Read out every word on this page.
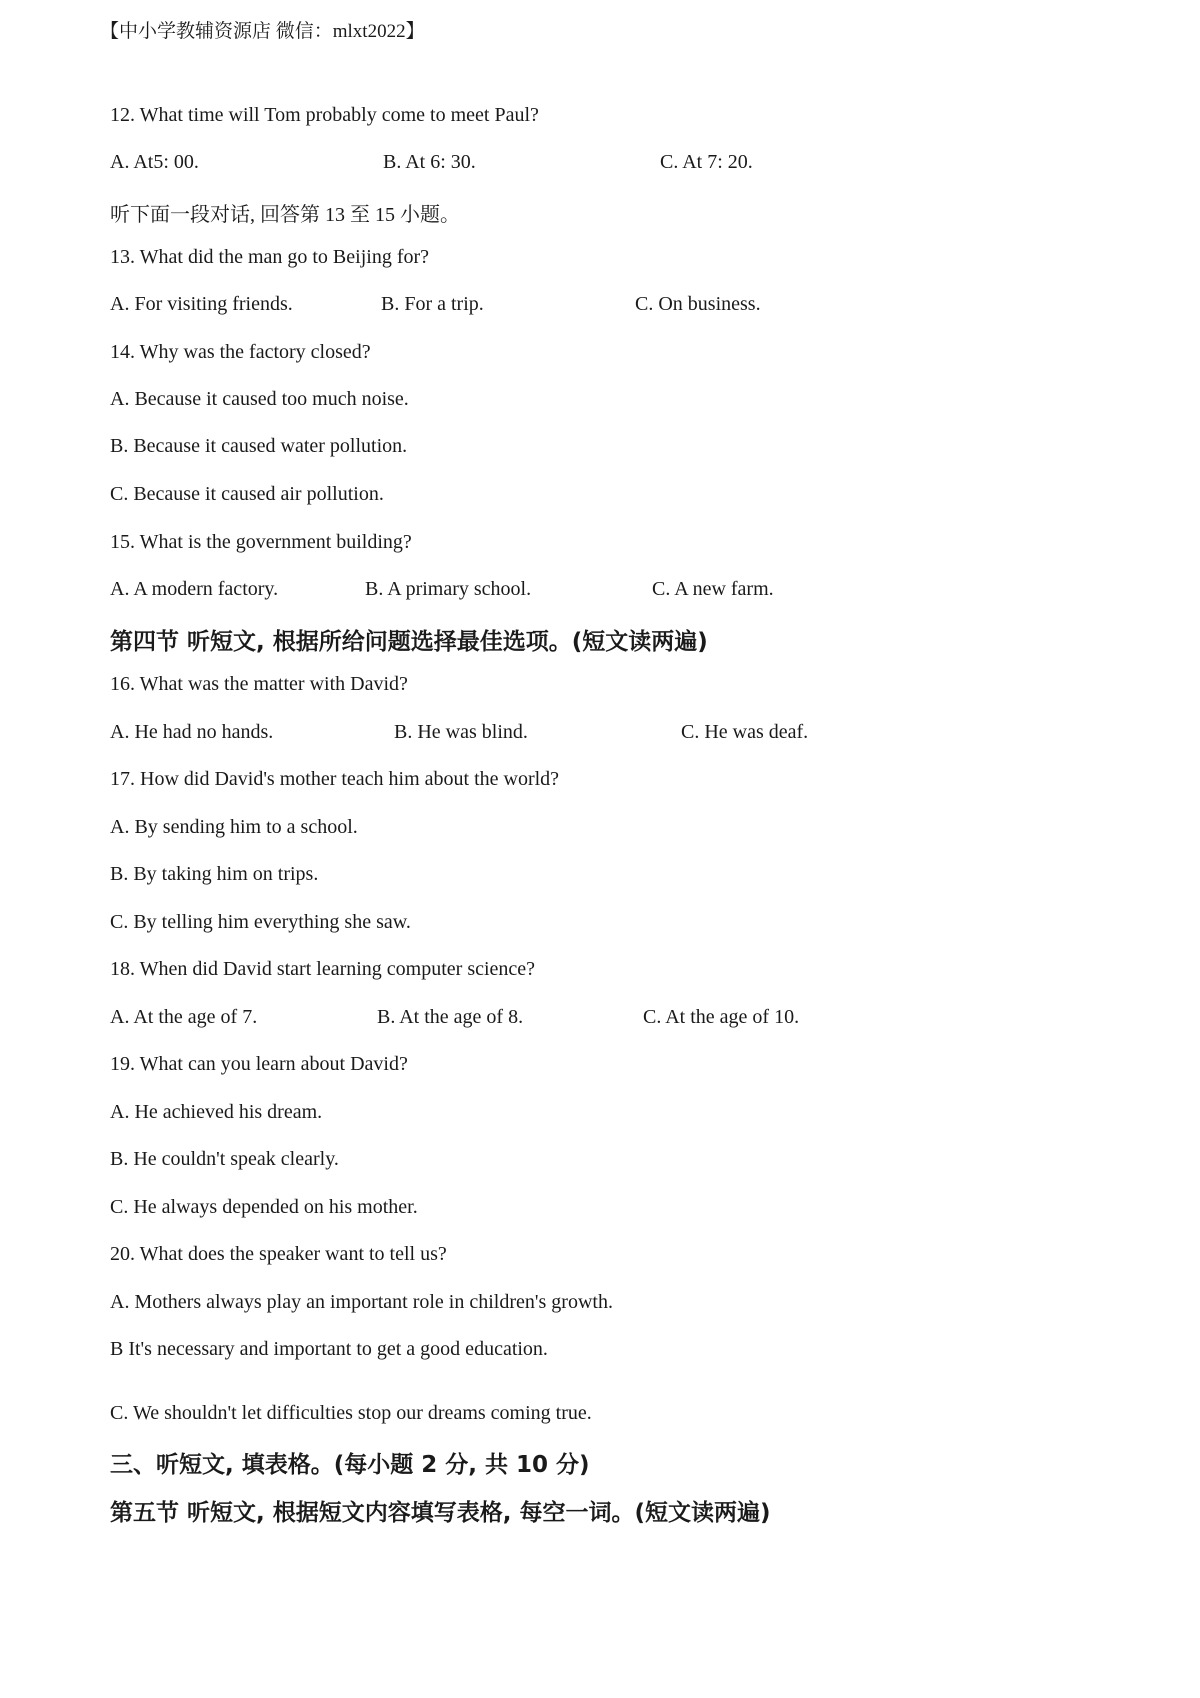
【中小学教辅资源店 微信：mlxt2022】
12. What time will Tom probably come to meet Paul?
A. At5: 00.	B. At 6: 30.	C. At 7: 20.
听下面一段对话, 回答第 13 至 15 小题。
13. What did the man go to Beijing for?
A. For visiting friends.	B. For a trip.	C. On business.
14. Why was the factory closed?
A. Because it caused too much noise.
B. Because it caused water pollution.
C. Because it caused air pollution.
15. What is the government building?
A. A modern factory.	B. A primary school.	C. A new farm.
第四节 听短文, 根据所给问题选择最佳选项。(短文读两遍)
16. What was the matter with David?
A. He had no hands.	B. He was blind.	C. He was deaf.
17. How did David's mother teach him about the world?
A. By sending him to a school.
B. By taking him on trips.
C. By telling him everything she saw.
18. When did David start learning computer science?
A. At the age of 7.	B. At the age of 8.	C. At the age of 10.
19. What can you learn about David?
A. He achieved his dream.
B. He couldn't speak clearly.
C. He always depended on his mother.
20. What does the speaker want to tell us?
A. Mothers always play an important role in children's growth.
B It's necessary and important to get a good education.
C. We shouldn't let difficulties stop our dreams coming true.
三、听短文, 填表格。(每小题 2 分, 共 10 分)
第五节 听短文, 根据短文内容填写表格, 每空一词。(短文读两遍)
